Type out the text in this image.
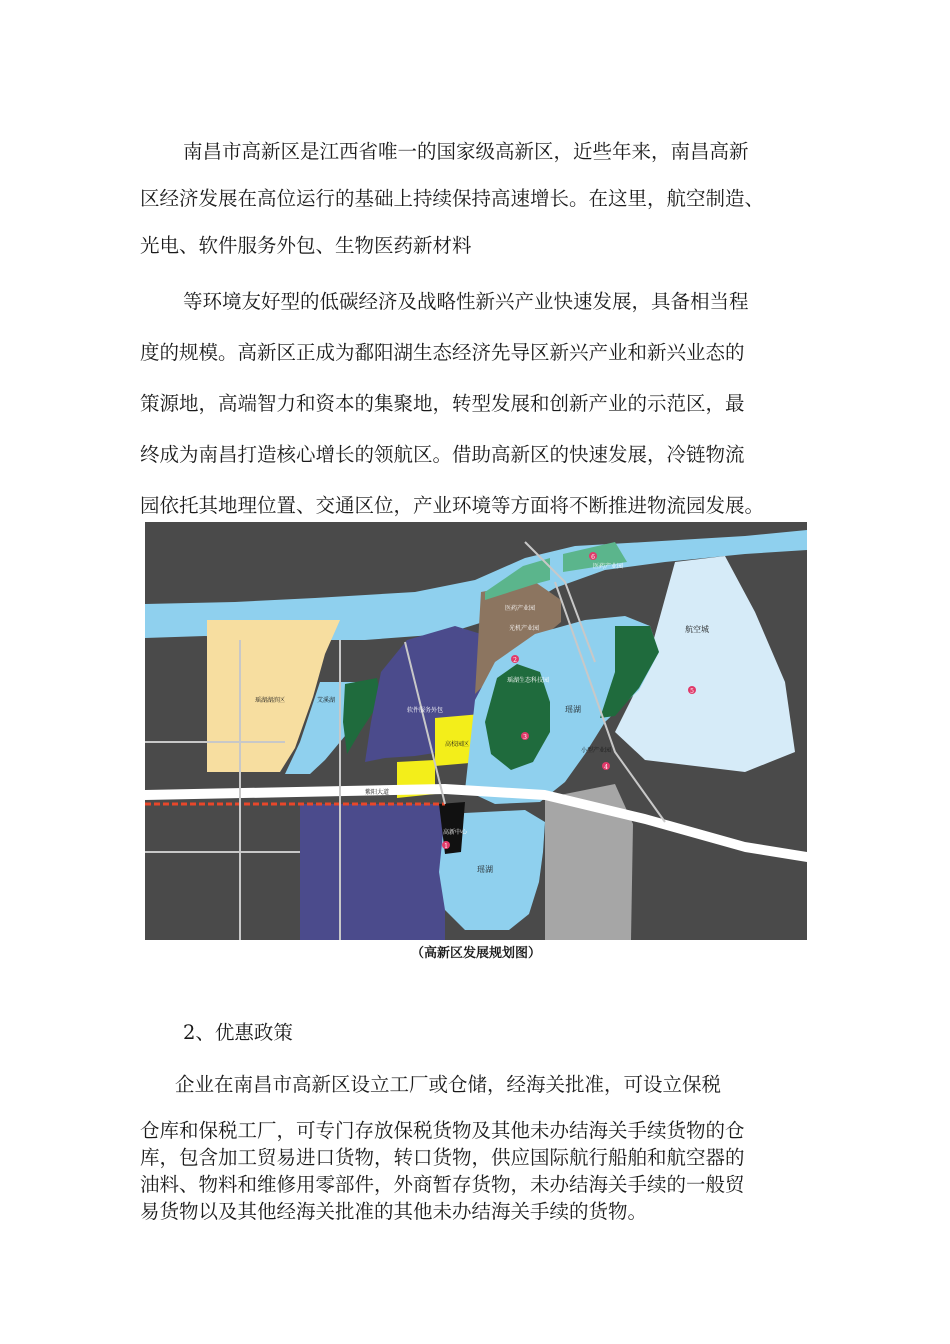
南昌市高新区是江西省唯一的国家级高新区，近些年来，南昌高新
区经济发展在高位运行的基础上持续保持高速增长。在这里，航空制造、
光电、软件服务外包、生物医药新材料
等环境友好型的低碳经济及战略性新兴产业快速发展，具备相当程
度的规模。高新区正成为鄱阳湖生态经济先导区新兴产业和新兴业态的
策源地，高端智力和资本的集聚地，转型发展和创新产业的示范区，最
终成为南昌打造核心增长的领航区。借助高新区的快速发展，冷链物流
园依托其地理位置、交通区位，产业环境等方面将不断推进物流园发展。
1
2
3
4
5
6
瑶湖湖滨区	艾溪湖
软件服务外包
高校园区
医药产业园
医药产业园
光机产业园
瑶湖生态科技园
瑶湖
瑶湖
航空城
小型产业园
紫阳大道
高新中心
（高新区发展规划图）
2、优惠政策
企业在南昌市高新区设立工厂或仓储，经海关批准，可设立保税
仓库和保税工厂，可专门存放保税货物及其他未办结海关手续货物的仓
库，包含加工贸易进口货物，转口货物，供应国际航行船舶和航空器的
油料、物料和维修用零部件，外商暂存货物，未办结海关手续的一般贸
易货物以及其他经海关批准的其他未办结海关手续的货物。
